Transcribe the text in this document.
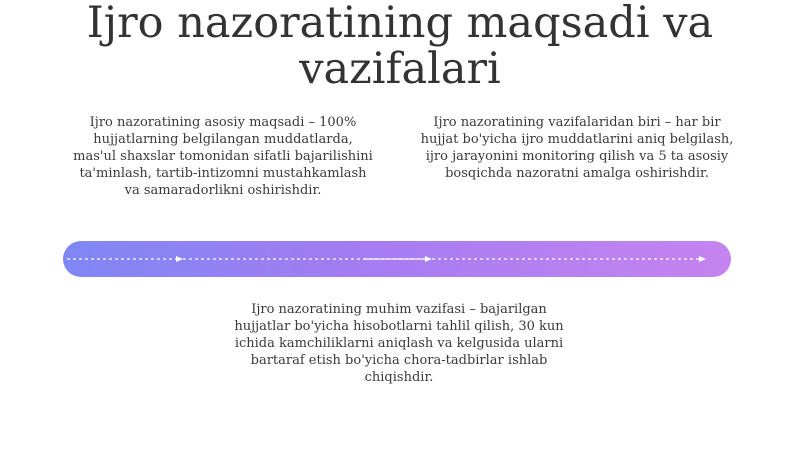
Ijro nazoratining maqsadi va vazifalari
Ijro nazoratining asosiy maqsadi – 100% hujjatlarning belgilangan muddatlarda, mas'ul shaxslar tomonidan sifatli bajarilishini ta'minlash, tartib-intizomni mustahkamlash va samaradorlikni oshirishdir.
Ijro nazoratining vazifalaridan biri – har bir hujjat bo'yicha ijro muddatlarini aniq belgilash, ijro jarayonini monitoring qilish va 5 ta asosiy bosqichda nazoratni amalga oshirishdir.
Ijro nazoratining muhim vazifasi – bajarilgan hujjatlar bo'yicha hisobotlarni tahlil qilish, 30 kun ichida kamchiliklarni aniqlash va kelgusida ularni bartaraf etish bo'yicha chora-tadbirlar ishlab chiqishdir.
